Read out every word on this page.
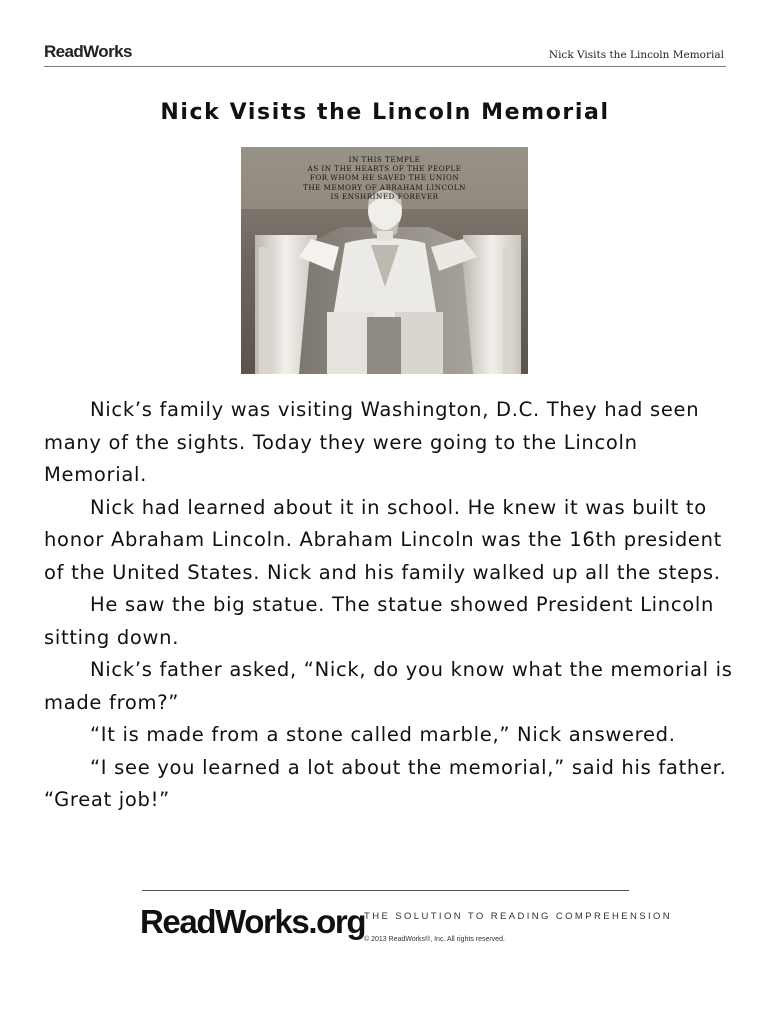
ReadWorks	Nick Visits the Lincoln Memorial
Nick Visits the Lincoln Memorial
IN THIS TEMPLE
AS IN THE HEARTS OF THE PEOPLE
FOR WHOM HE SAVED THE UNION
THE MEMORY OF ABRAHAM LINCOLN
IS ENSHRINED FOREVER

Nick’s family was visiting Washington, D.C. They had seen many of the sights. Today they were going to the Lincoln Memorial.

Nick had learned about it in school. He knew it was built to honor Abraham Lincoln. Abraham Lincoln was the 16th president of the United States. Nick and his family walked up all the steps.

He saw the big statue. The statue showed President Lincoln sitting down.

Nick’s father asked, “Nick, do you know what the memorial is made from?”

“It is made from a stone called marble,” Nick answered.

“I see you learned a lot about the memorial,” said his father. “Great job!”

ReadWorks.org
THE SOLUTION TO READING COMPREHENSION
© 2013 ReadWorks®, Inc. All rights reserved.
